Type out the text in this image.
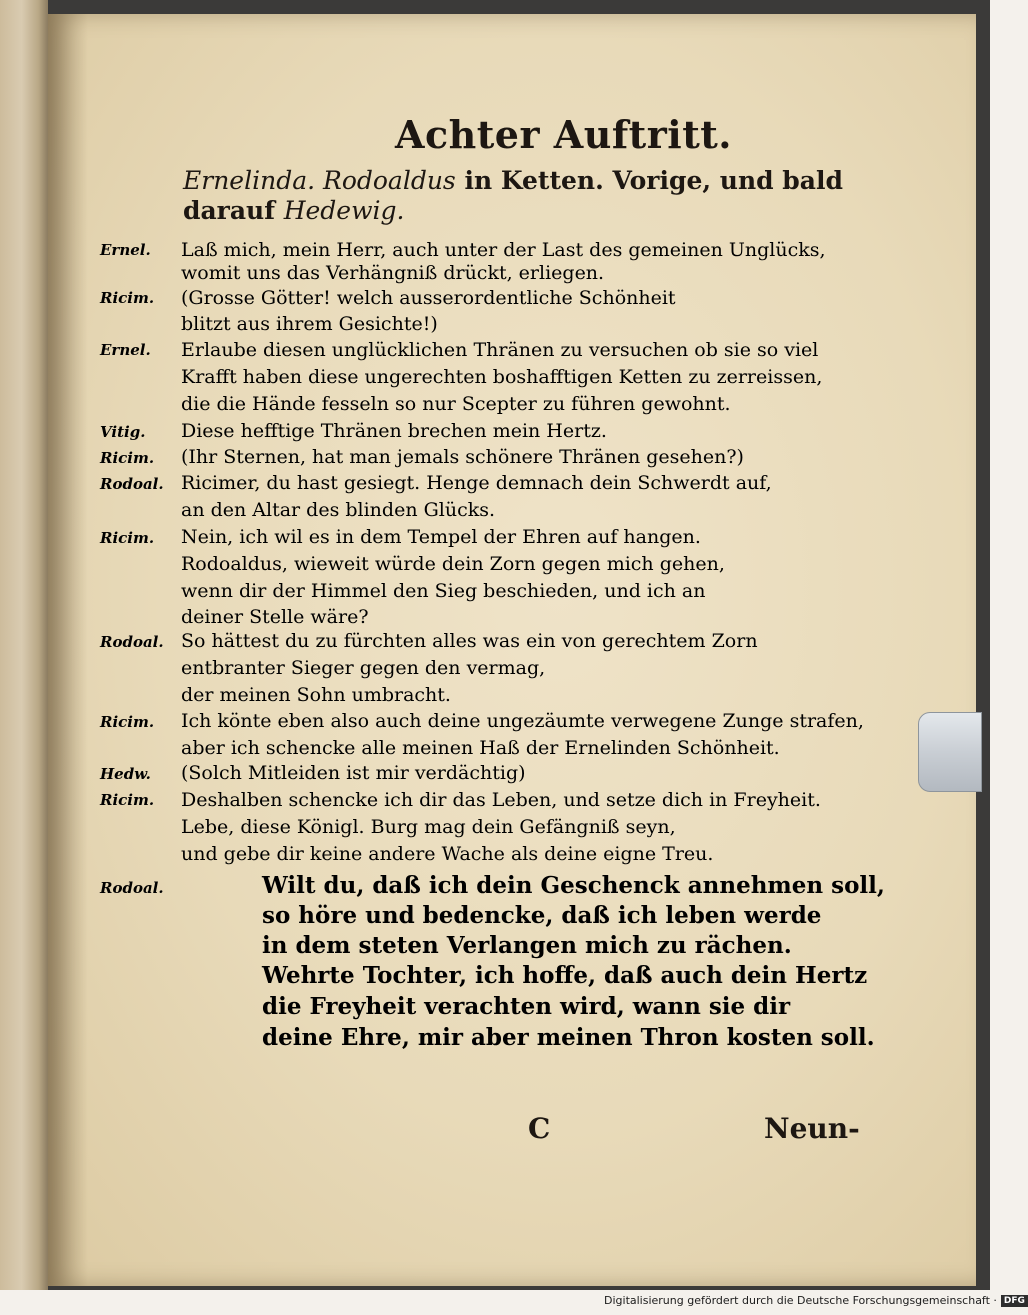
Achter Auftritt.
Ernelinda. Rodoaldus in Ketten. Vorige, und bald darauf Hedewig.
Ernel.	Laß mich, mein Herr, auch unter der Last des gemeinen Unglücks,
womit uns das Verhängniß drückt, erliegen.
Ricim.	(Grosse Götter! welch ausserordentliche Schönheit
blitzt aus ihrem Gesichte!)
Ernel.	Erlaube diesen unglücklichen Thränen zu versuchen ob sie so viel
Krafft haben diese ungerechten boshafftigen Ketten zu zerreissen,
die die Hände fesseln so nur Scepter zu führen gewohnt.
Vitig.	Diese hefftige Thränen brechen mein Hertz.
Ricim.	(Ihr Sternen, hat man jemals schönere Thränen gesehen?)
Rodoal. Ricimer, du hast gesiegt. Henge demnach dein Schwerdt auf,
an den Altar des blinden Glücks.
Ricim.	Nein, ich wil es in dem Tempel der Ehren auf hangen.
Rodoaldus, wieweit würde dein Zorn gegen mich gehen,
wenn dir der Himmel den Sieg beschieden, und ich an
deiner Stelle wäre?
Rodoal. So hättest du zu fürchten alles was ein von gerechtem Zorn
entbranter Sieger gegen den vermag,
der meinen Sohn umbracht.
Ricim.	Ich könte eben also auch deine ungezäumte verwegene Zunge strafen,
aber ich schencke alle meinen Haß der Ernelinden Schönheit.
Hedw.	(Solch Mitleiden ist mir verdächtig)
Ricim.	Deshalben schencke ich dir das Leben, und setze dich in Freyheit.
Lebe, diese Königl. Burg mag dein Gefängniß seyn,
und gebe dir keine andere Wache als deine eigne Treu.
Rodoal.	Wilt du, daß ich dein Geschenck annehmen soll,
so höre und bedencke, daß ich leben werde
in dem steten Verlangen mich zu rächen.
Wehrte Tochter, ich hoffe, daß auch dein Hertz
die Freyheit verachten wird, wann sie dir
deine Ehre, mir aber meinen Thron kosten soll.
C	Neun-
Digitalisierung gefördert durch die Deutsche Forschungsgemeinschaft · DFG
